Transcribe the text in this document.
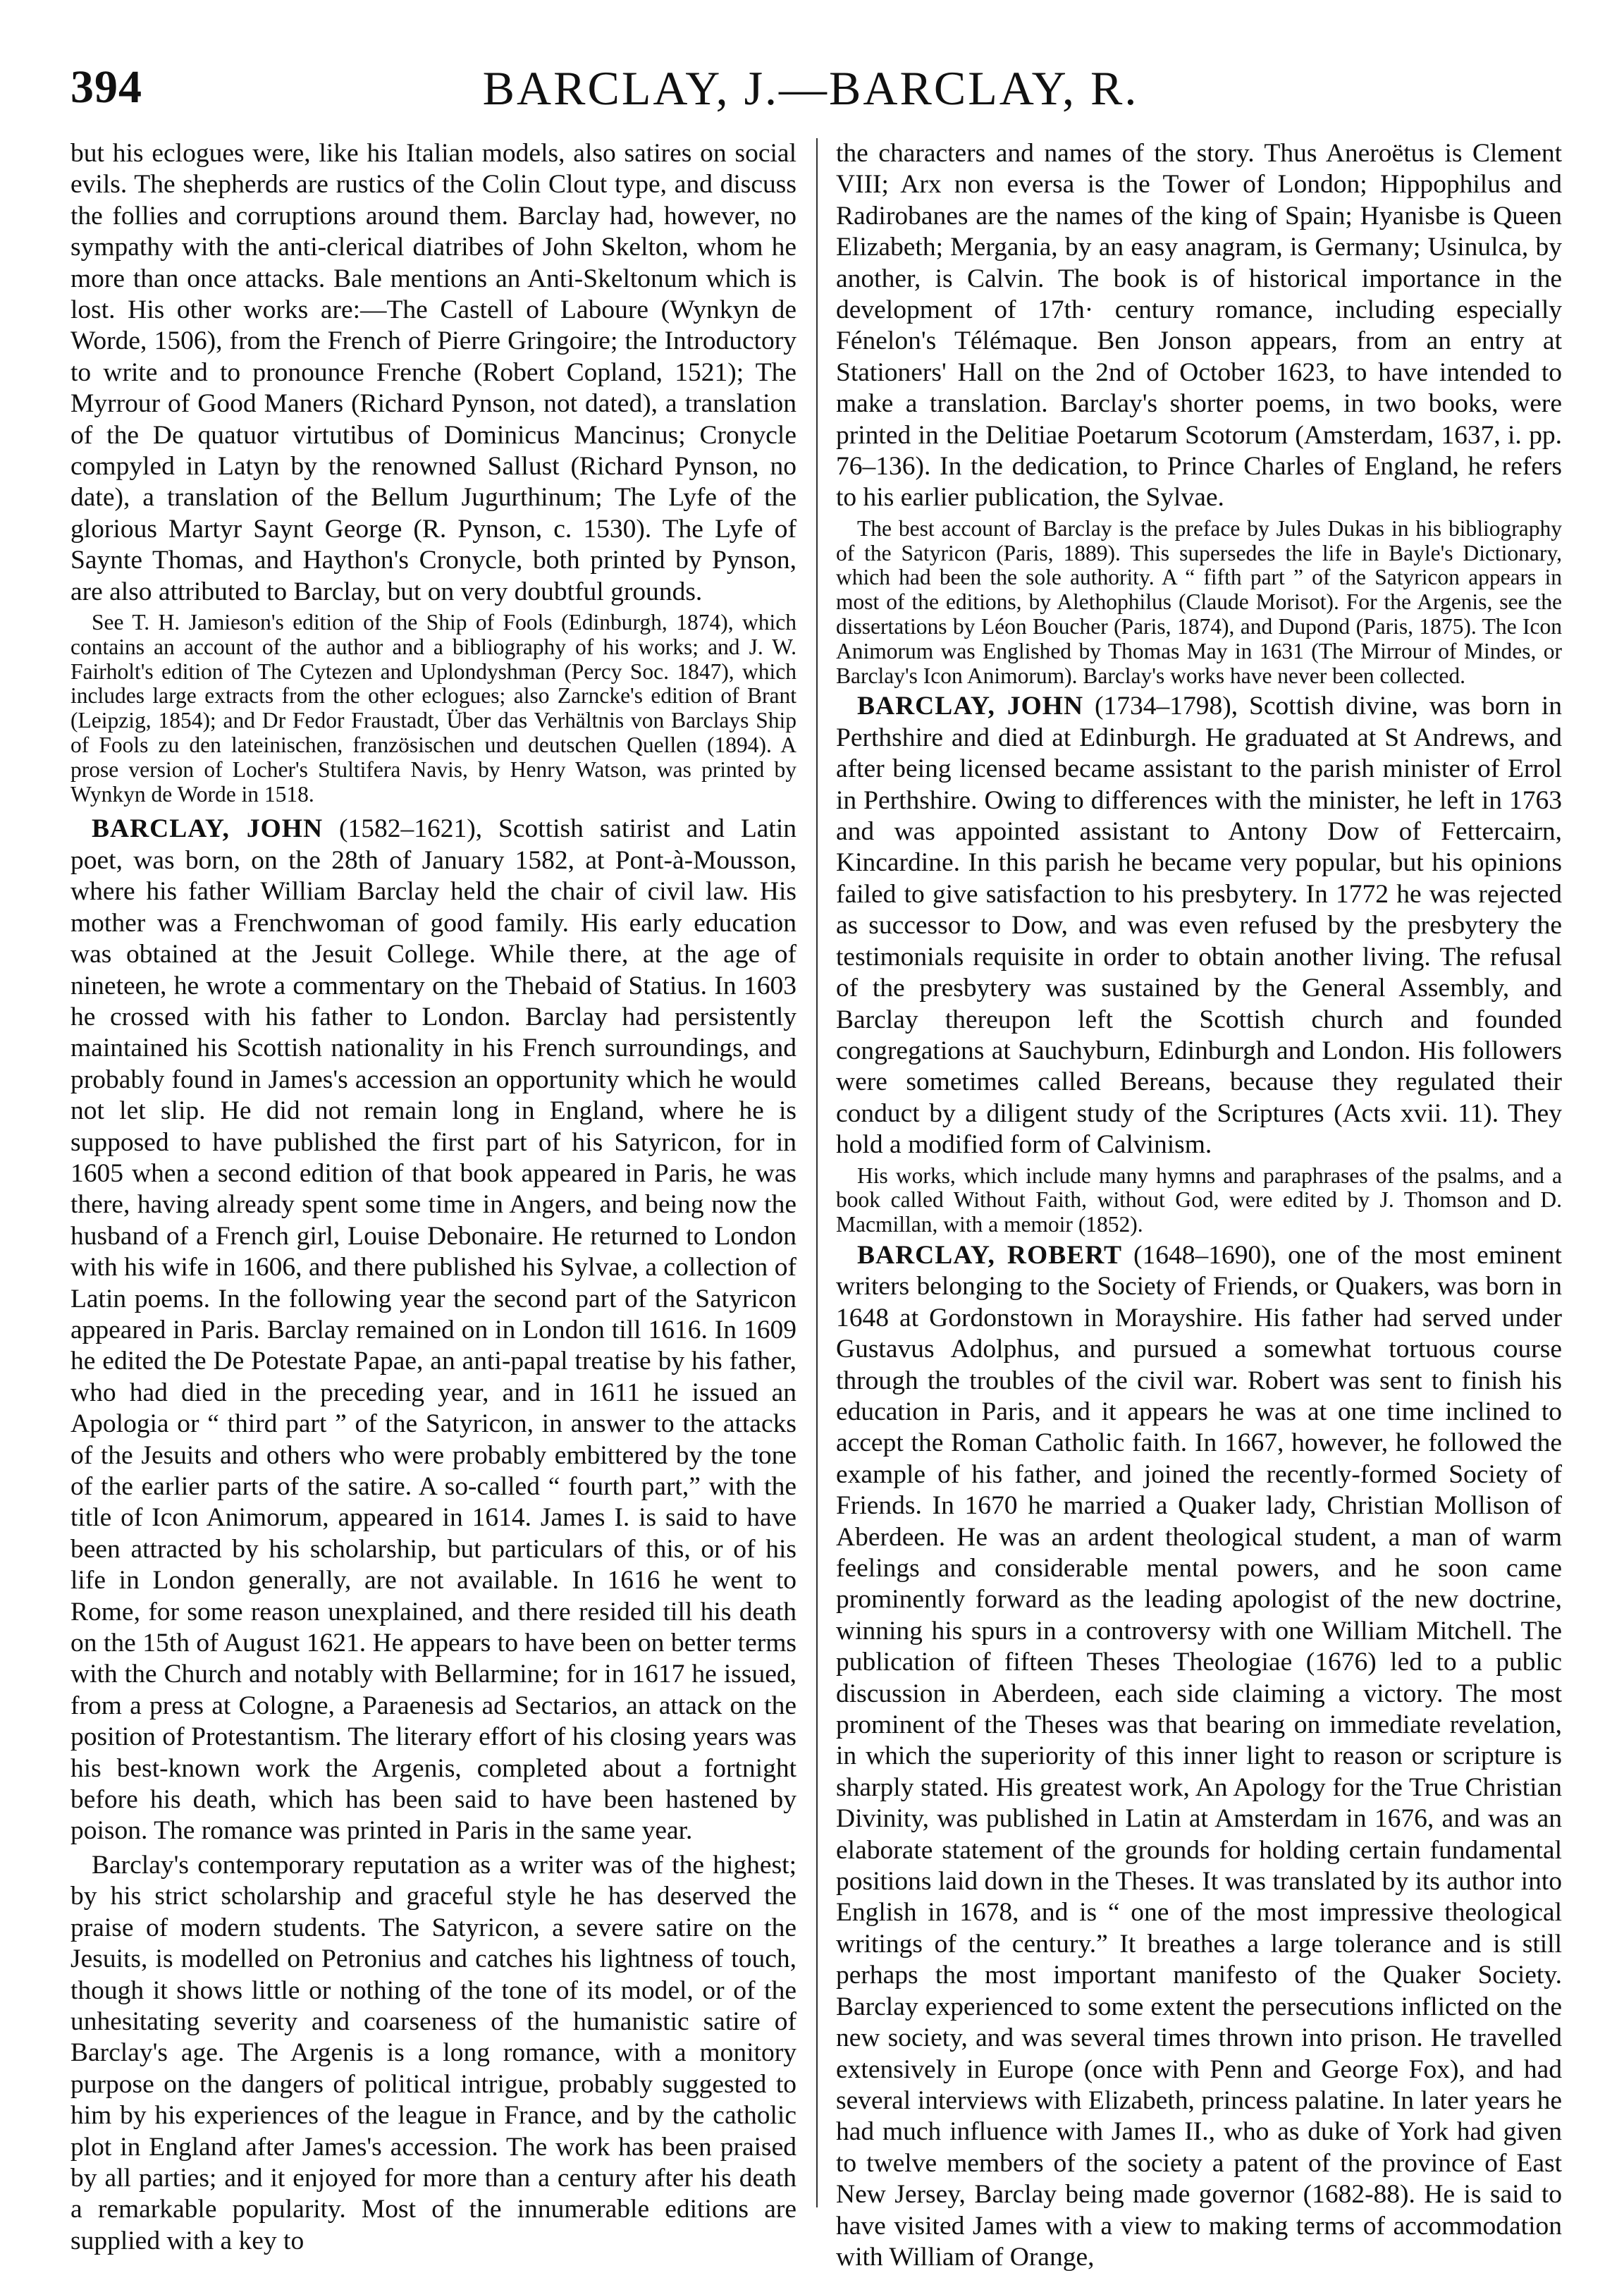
BARCLAY, J.—BARCLAY, R.
394

but his eclogues were, like his Italian models, also satires on social evils. The shepherds are rustics of the Colin Clout type, and discuss the follies and corruptions around them. Barclay had, however, no sympathy with the anti-clerical diatribes of John Skelton, whom he more than once attacks. Bale mentions an Anti-Skeltonum which is lost. His other works are:—The Castell of Laboure (Wynkyn de Worde, 1506), from the French of Pierre Gringoire; the Introductory to write and to pronounce Frenche (Robert Copland, 1521); The Myrrour of Good Maners (Richard Pynson, not dated), a translation of the De quatuor virtutibus of Dominicus Mancinus; Cronycle compyled in Latyn by the renowned Sallust (Richard Pynson, no date), a translation of the Bellum Jugurthinum; The Lyfe of the glorious Martyr Saynt George (R. Pynson, c. 1530). The Lyfe of Saynte Thomas, and Haython's Cronycle, both printed by Pynson, are also attributed to Barclay, but on very doubtful grounds.

See T. H. Jamieson's edition of the Ship of Fools (Edinburgh, 1874), which contains an account of the author and a bibliography of his works; and J. W. Fairholt's edition of The Cytezen and Uplondyshman (Percy Soc. 1847), which includes large extracts from the other eclogues; also Zarncke's edition of Brant (Leipzig, 1854); and Dr Fedor Fraustadt, Über das Verhältnis von Barclays Ship of Fools zu den lateinischen, französischen und deutschen Quellen (1894). A prose version of Locher's Stultifera Navis, by Henry Watson, was printed by Wynkyn de Worde in 1518.

BARCLAY, JOHN (1582–1621), Scottish satirist and Latin poet, was born, on the 28th of January 1582, at Pont-à-Mousson, where his father William Barclay held the chair of civil law. His mother was a Frenchwoman of good family. His early education was obtained at the Jesuit College. While there, at the age of nineteen, he wrote a commentary on the Thebaid of Statius. In 1603 he crossed with his father to London. Barclay had persistently maintained his Scottish nationality in his French surroundings, and probably found in James's accession an opportunity which he would not let slip. He did not remain long in England, where he is supposed to have published the first part of his Satyricon, for in 1605 when a second edition of that book appeared in Paris, he was there, having already spent some time in Angers, and being now the husband of a French girl, Louise Debonaire. He returned to London with his wife in 1606, and there published his Sylvae, a collection of Latin poems. In the following year the second part of the Satyricon appeared in Paris. Barclay remained on in London till 1616. In 1609 he edited the De Potestate Papae, an anti-papal treatise by his father, who had died in the preceding year, and in 1611 he issued an Apologia or “ third part ” of the Satyricon, in answer to the attacks of the Jesuits and others who were probably embittered by the tone of the earlier parts of the satire. A so-called “ fourth part,” with the title of Icon Animorum, appeared in 1614. James I. is said to have been attracted by his scholarship, but particulars of this, or of his life in London generally, are not available. In 1616 he went to Rome, for some reason unexplained, and there resided till his death on the 15th of August 1621. He appears to have been on better terms with the Church and notably with Bellarmine; for in 1617 he issued, from a press at Cologne, a Paraenesis ad Sectarios, an attack on the position of Protestantism. The literary effort of his closing years was his best-known work the Argenis, completed about a fortnight before his death, which has been said to have been hastened by poison. The romance was printed in Paris in the same year.

Barclay's contemporary reputation as a writer was of the highest; by his strict scholarship and graceful style he has deserved the praise of modern students. The Satyricon, a severe satire on the Jesuits, is modelled on Petronius and catches his lightness of touch, though it shows little or nothing of the tone of its model, or of the unhesitating severity and coarseness of the humanistic satire of Barclay's age. The Argenis is a long romance, with a monitory purpose on the dangers of political intrigue, probably suggested to him by his experiences of the league in France, and by the catholic plot in England after James's accession. The work has been praised by all parties; and it enjoyed for more than a century after his death a remarkable popularity. Most of the innumerable editions are supplied with a key to

the characters and names of the story. Thus Aneroëtus is Clement VIII; Arx non eversa is the Tower of London; Hippophilus and Radirobanes are the names of the king of Spain; Hyanisbe is Queen Elizabeth; Mergania, by an easy anagram, is Germany; Usinulca, by another, is Calvin. The book is of historical importance in the development of 17th· century romance, including especially Fénelon's Télémaque. Ben Jonson appears, from an entry at Stationers' Hall on the 2nd of October 1623, to have intended to make a translation. Barclay's shorter poems, in two books, were printed in the Delitiae Poetarum Scotorum (Amsterdam, 1637, i. pp. 76–136). In the dedication, to Prince Charles of England, he refers to his earlier publication, the Sylvae.

The best account of Barclay is the preface by Jules Dukas in his bibliography of the Satyricon (Paris, 1889). This supersedes the life in Bayle's Dictionary, which had been the sole authority. A “ fifth part ” of the Satyricon appears in most of the editions, by Alethophilus (Claude Morisot). For the Argenis, see the dissertations by Léon Boucher (Paris, 1874), and Dupond (Paris, 1875). The Icon Animorum was Englished by Thomas May in 1631 (The Mirrour of Mindes, or Barclay's Icon Animorum). Barclay's works have never been collected.

BARCLAY, JOHN (1734–1798), Scottish divine, was born in Perthshire and died at Edinburgh. He graduated at St Andrews, and after being licensed became assistant to the parish minister of Errol in Perthshire. Owing to differences with the minister, he left in 1763 and was appointed assistant to Antony Dow of Fettercairn, Kincardine. In this parish he became very popular, but his opinions failed to give satisfaction to his presbytery. In 1772 he was rejected as successor to Dow, and was even refused by the presbytery the testimonials requisite in order to obtain another living. The refusal of the presbytery was sustained by the General Assembly, and Barclay thereupon left the Scottish church and founded congregations at Sauchyburn, Edinburgh and London. His followers were sometimes called Bereans, because they regulated their conduct by a diligent study of the Scriptures (Acts xvii. 11). They hold a modified form of Calvinism.

His works, which include many hymns and paraphrases of the psalms, and a book called Without Faith, without God, were edited by J. Thomson and D. Macmillan, with a memoir (1852).

BARCLAY, ROBERT (1648–1690), one of the most eminent writers belonging to the Society of Friends, or Quakers, was born in 1648 at Gordonstown in Morayshire. His father had served under Gustavus Adolphus, and pursued a somewhat tortuous course through the troubles of the civil war. Robert was sent to finish his education in Paris, and it appears he was at one time inclined to accept the Roman Catholic faith. In 1667, however, he followed the example of his father, and joined the recently-formed Society of Friends. In 1670 he married a Quaker lady, Christian Mollison of Aberdeen. He was an ardent theological student, a man of warm feelings and considerable mental powers, and he soon came prominently forward as the leading apologist of the new doctrine, winning his spurs in a controversy with one William Mitchell. The publication of fifteen Theses Theologiae (1676) led to a public discussion in Aberdeen, each side claiming a victory. The most prominent of the Theses was that bearing on immediate revelation, in which the superiority of this inner light to reason or scripture is sharply stated. His greatest work, An Apology for the True Christian Divinity, was published in Latin at Amsterdam in 1676, and was an elaborate statement of the grounds for holding certain fundamental positions laid down in the Theses. It was translated by its author into English in 1678, and is “ one of the most impressive theological writings of the century.” It breathes a large tolerance and is still perhaps the most important manifesto of the Quaker Society. Barclay experienced to some extent the persecutions inflicted on the new society, and was several times thrown into prison. He travelled extensively in Europe (once with Penn and George Fox), and had several interviews with Elizabeth, princess palatine. In later years he had much influence with James II., who as duke of York had given to twelve members of the society a patent of the province of East New Jersey, Barclay being made governor (1682-88). He is said to have visited James with a view to making terms of accommodation with William of Orange,
